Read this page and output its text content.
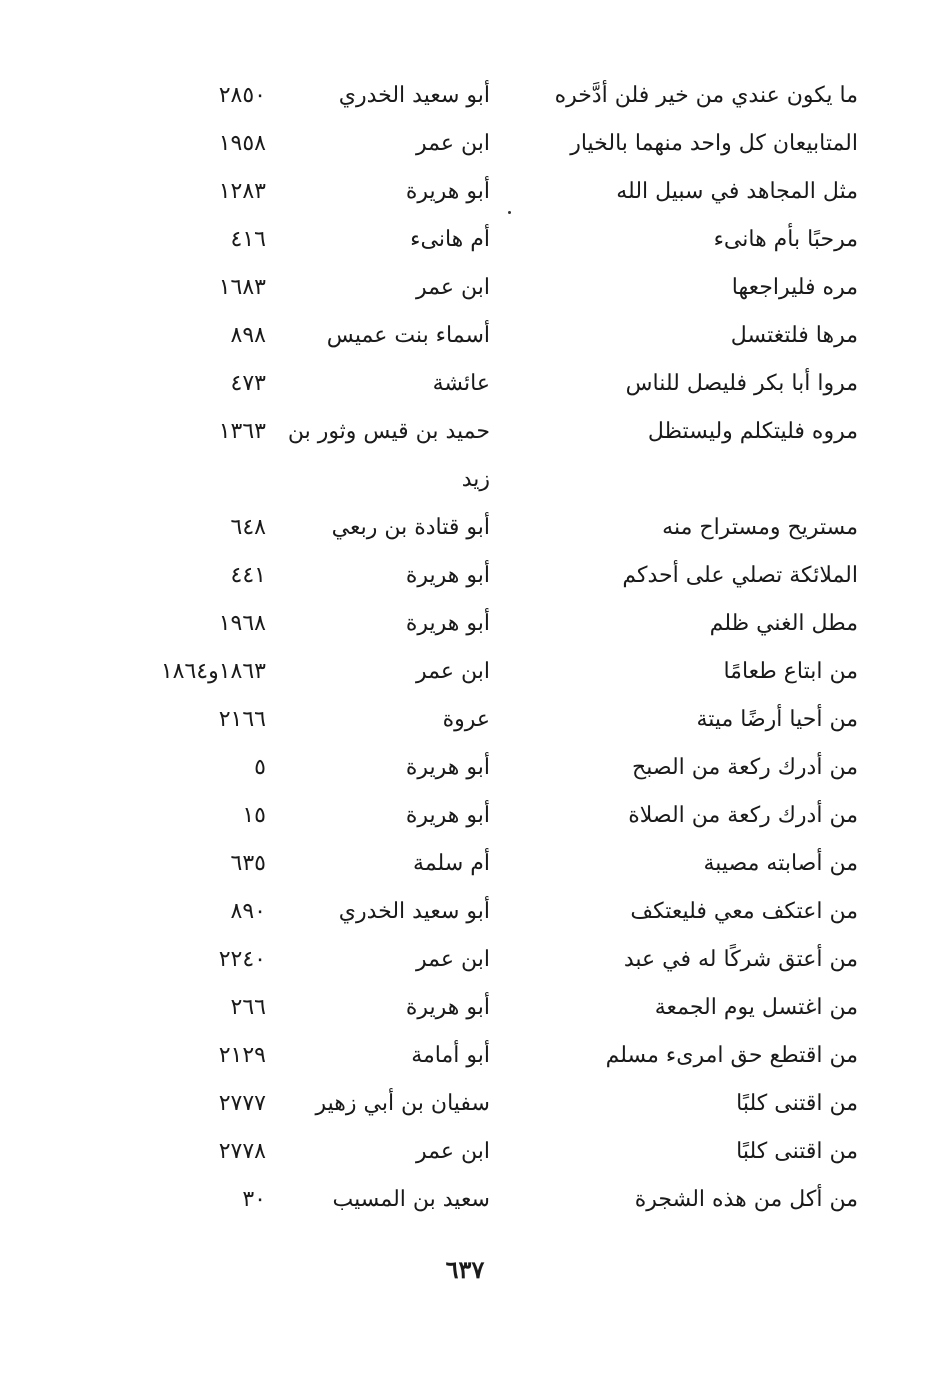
ما يكون عندي من خير فلن أدَّخره
أبو سعيد الخدري
٢٨٥٠
المتابيعان كل واحد منهما بالخيار
ابن عمر
١٩٥٨
مثل المجاهد في سبيل الله
أبو هريرة
١٢٨٣
مرحبًا بأم هانىء
أم هانىء
٤١٦
مره فليراجعها
ابن عمر
١٦٨٣
مرها فلتغتسل
أسماء بنت عميس
٨٩٨
مروا أبا بكر فليصل للناس
عائشة
٤٧٣
مروه فليتكلم وليستظل
حميد بن قيس وثور بن زيد
١٣٦٣
مستريح ومستراح منه
أبو قتادة بن ربعي
٦٤٨
الملائكة تصلي على أحدكم
أبو هريرة
٤٤١
مطل الغني ظلم
أبو هريرة
١٩٦٨
من ابتاع طعامًا
ابن عمر
١٨٦٣و١٨٦٤
من أحيا أرضًا ميتة
عروة
٢١٦٦
من أدرك ركعة من الصبح
أبو هريرة
٥
من أدرك ركعة من الصلاة
أبو هريرة
١٥
من أصابته مصيبة
أم سلمة
٦٣٥
من اعتكف معي فليعتكف
أبو سعيد الخدري
٨٩٠
من أعتق شركًا له في عبد
ابن عمر
٢٢٤٠
من اغتسل يوم الجمعة
أبو هريرة
٢٦٦
من اقتطع حق امرىء مسلم
أبو أمامة
٢١٢٩
من اقتنى كلبًا
سفيان بن أبي زهير
٢٧٧٧
من اقتنى كلبًا
ابن عمر
٢٧٧٨
من أكل من هذه الشجرة
سعيد بن المسيب
٣٠
٦٣٧
